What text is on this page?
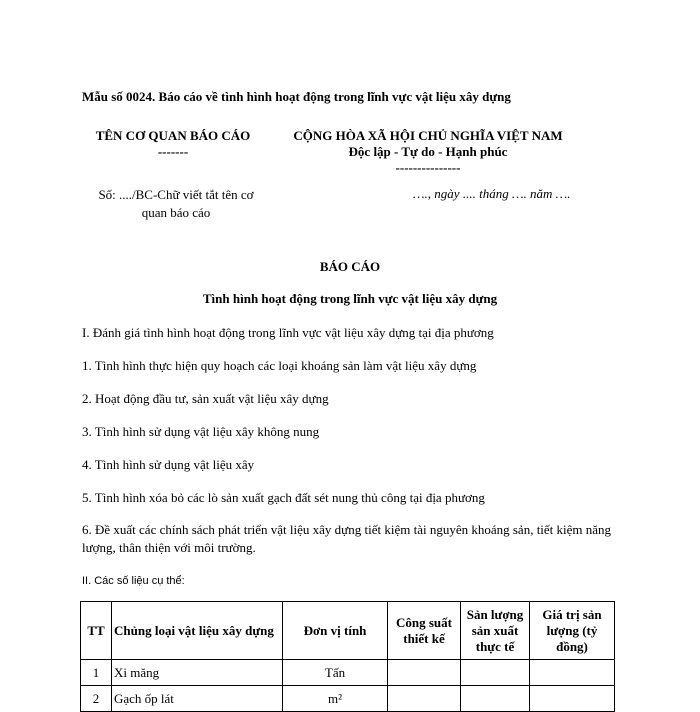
Mẫu số 0024. Báo cáo về tình hình hoạt động trong lĩnh vực vật liệu xây dựng
TÊN CƠ QUAN BÁO CÁO
-------
CỘNG HÒA XÃ HỘI CHỦ NGHĨA VIỆT NAM
Độc lập - Tự do - Hạnh phúc
---------------
Số: ..../BC-Chữ viết tắt tên cơ
quan báo cáo
…., ngày .... tháng …. năm ….
BÁO CÁO
Tình hình hoạt động trong lĩnh vực vật liệu xây dựng
I. Đánh giá tình hình hoạt động trong lĩnh vực vật liệu xây dựng tại địa phương
1. Tình hình thực hiện quy hoạch các loại khoáng sản làm vật liệu xây dựng
2. Hoạt động đầu tư, sản xuất vật liệu xây dựng
3. Tình hình sử dụng vật liệu xây không nung
4. Tình hình sử dụng vật liệu xây
5. Tình hình xóa bỏ các lò sản xuất gạch đất sét nung thủ công tại địa phương
6. Đề xuất các chính sách phát triển vật liệu xây dựng tiết kiệm tài nguyên khoáng sản, tiết kiệm năng lượng, thân thiện với môi trường.
II. Các số liệu cụ thể:
TT	Chủng loại vật liệu xây dựng	Đơn vị tính	Công suất thiết kế	Sản lượng sản xuất thực tế	Giá trị sản lượng (tỷ đồng)
1	Xi măng	Tấn			
2	Gạch ốp lát	m²			
